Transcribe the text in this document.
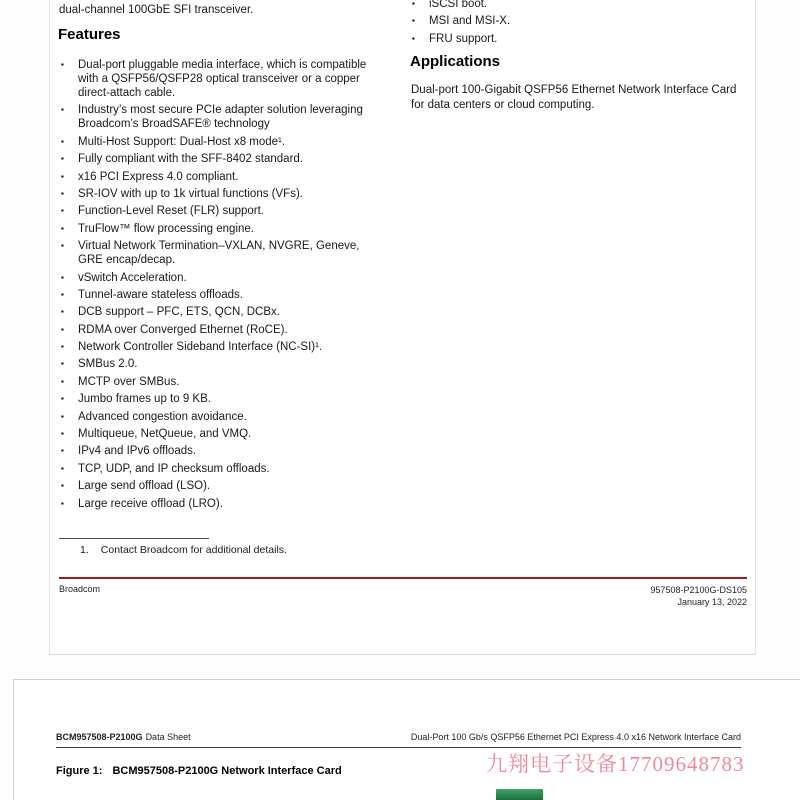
dual-channel 100GbE SFI transceiver.
Features
▪ Dual-port pluggable media interface, which is compatible with a QSFP56/QSFP28 optical transceiver or a copper direct-attach cable.
▪ Industry’s most secure PCIe adapter solution leveraging Broadcom’s BroadSAFE® technology
▪ Multi-Host Support: Dual-Host x8 mode¹.
▪ Fully compliant with the SFF-8402 standard.
▪ x16 PCI Express 4.0 compliant.
▪ SR-IOV with up to 1k virtual functions (VFs).
▪ Function-Level Reset (FLR) support.
▪ TruFlow™ flow processing engine.
▪ Virtual Network Termination–VXLAN, NVGRE, Geneve, GRE encap/decap.
▪ vSwitch Acceleration.
▪ Tunnel-aware stateless offloads.
▪ DCB support – PFC, ETS, QCN, DCBx.
▪ RDMA over Converged Ethernet (RoCE).
▪ Network Controller Sideband Interface (NC-SI)¹.
▪ SMBus 2.0.
▪ MCTP over SMBus.
▪ Jumbo frames up to 9 KB.
▪ Advanced congestion avoidance.
▪ Multiqueue, NetQueue, and VMQ.
▪ IPv4 and IPv6 offloads.
▪ TCP, UDP, and IP checksum offloads.
▪ Large send offload (LSO).
▪ Large receive offload (LRO).
▪ iSCSI boot.
▪ MSI and MSI-X.
▪ FRU support.
Applications

Dual-port 100-Gigabit QSFP56 Ethernet Network Interface Card for data centers or cloud computing.

1. Contact Broadcom for additional details.
Broadcom	957508-P2100G-DS105
January 13, 2022
BCM957508-P2100G Data Sheet	Dual-Port 100 Gb/s QSFP56 Ethernet PCI Express 4.0 x16 Network Interface Card
Figure 1: BCM957508-P2100G Network Interface Card	九翔电子设备17709648783
